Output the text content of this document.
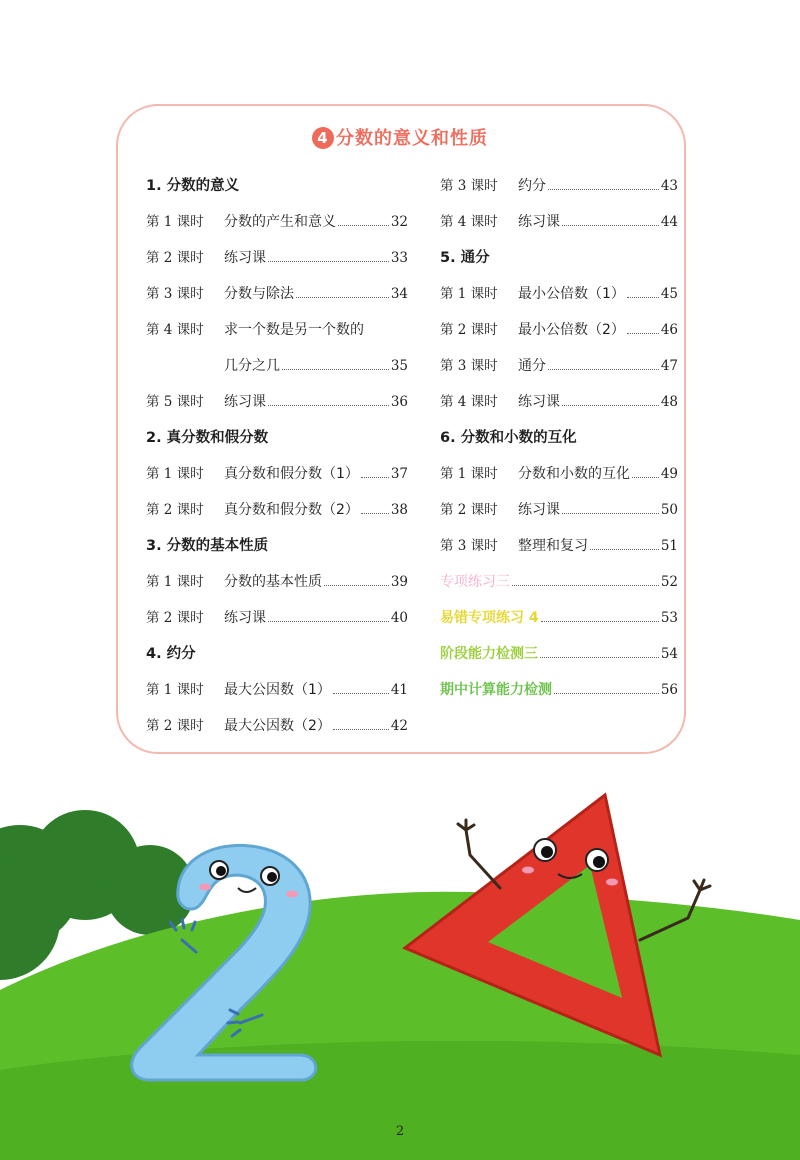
4 分数的意义和性质
1. 分数的意义
第 1 课时	分数的产生和意义	32
第 2 课时	练习课	33
第 3 课时	分数与除法	34
第 4 课时	求一个数是另一个数的
几分之几	35
第 5 课时	练习课	36
2. 真分数和假分数
第 1 课时	真分数和假分数（1） 37
第 2 课时	真分数和假分数（2） 38
3. 分数的基本性质
第 1 课时	分数的基本性质	39
第 2 课时	练习课	40
4. 约分
第 1 课时	最大公因数（1）	41
第 2 课时	最大公因数（2）	42
第 3 课时	约分	43
第 4 课时	练习课	44
5. 通分
第 1 课时	最小公倍数（1）	45
第 2 课时	最小公倍数（2）	46
第 3 课时	通分	47
第 4 课时	练习课	48
6. 分数和小数的互化
第 1 课时	分数和小数的互化 49
第 2 课时	练习课	50
第 3 课时	整理和复习	51
专项练习三	52
易错专项练习 4	53
阶段能力检测三	54
期中计算能力检测	56
2
